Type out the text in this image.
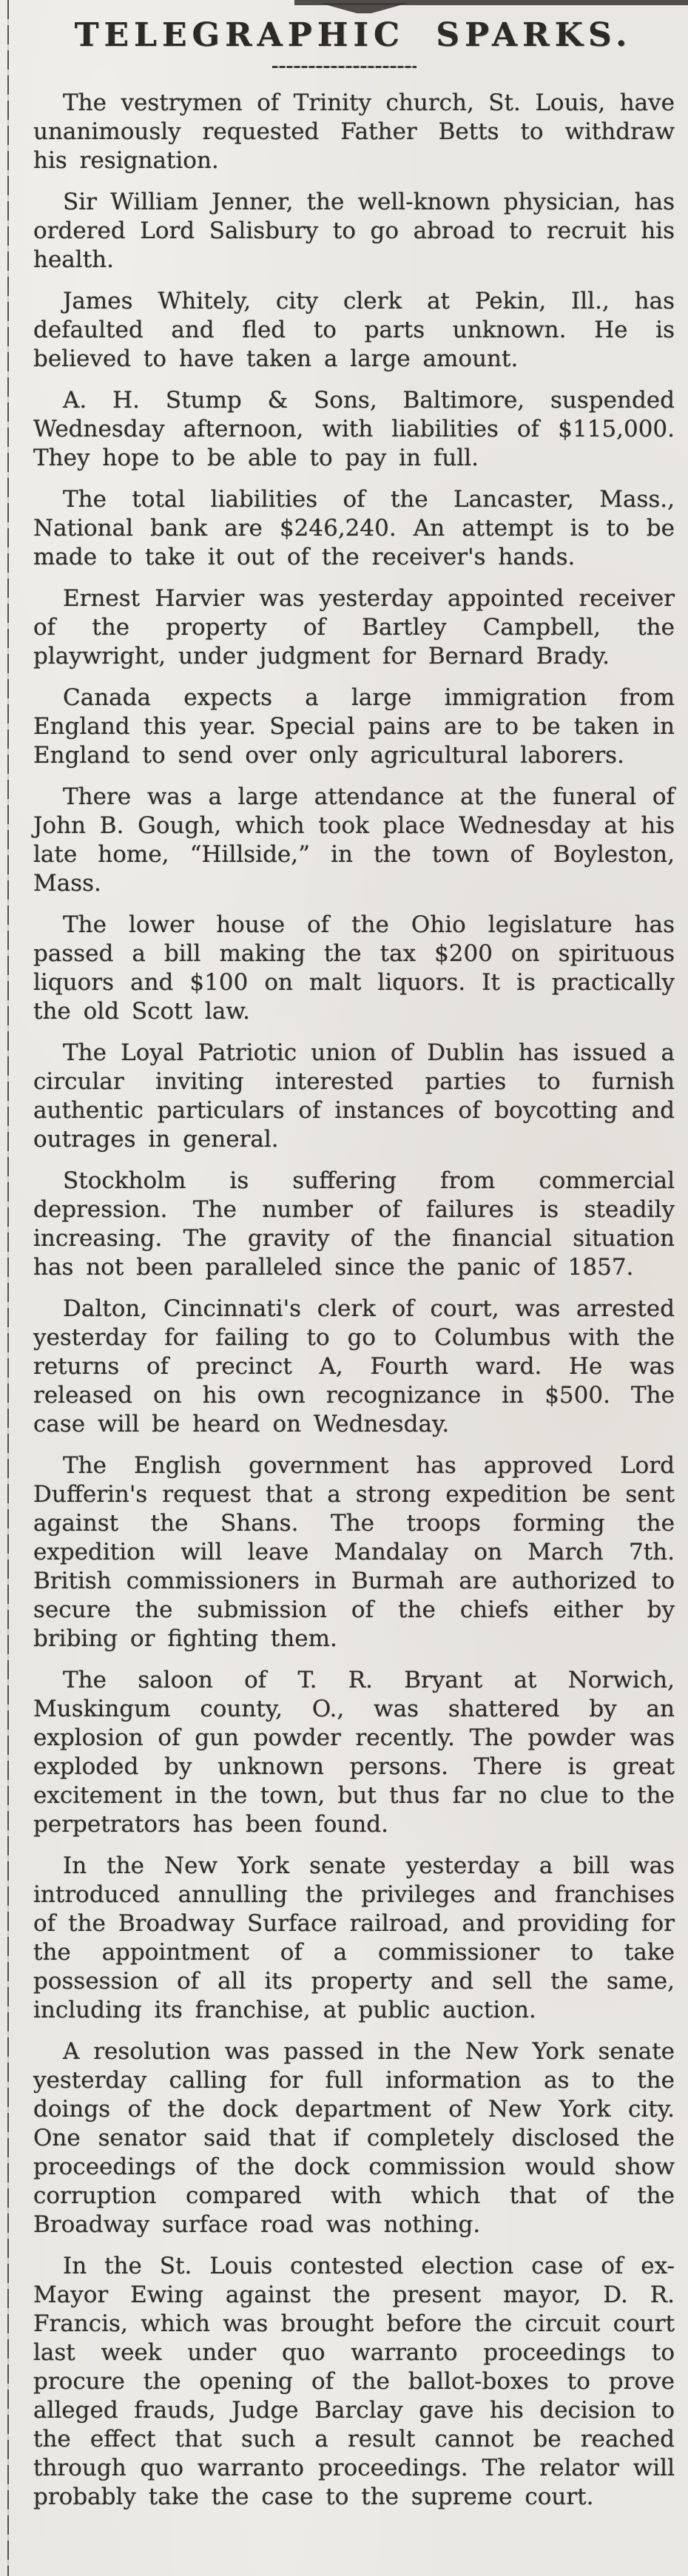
TELEGRAPHIC SPARKS.

The vestrymen of Trinity church, St. Louis, have unanimously requested Father Betts to withdraw his resignation.

Sir William Jenner, the well-known physician, has ordered Lord Salisbury to go abroad to recruit his health.

James Whitely, city clerk at Pekin, Ill., has defaulted and fled to parts unknown. He is believed to have taken a large amount.

A. H. Stump & Sons, Baltimore, suspended Wednesday afternoon, with liabilities of $115,000. They hope to be able to pay in full.

The total liabilities of the Lancaster, Mass., National bank are $246,240. An attempt is to be made to take it out of the receiver's hands.

Ernest Harvier was yesterday appointed receiver of the property of Bartley Campbell, the playwright, under judgment for Bernard Brady.

Canada expects a large immigration from England this year. Special pains are to be taken in England to send over only agricultural laborers.

There was a large attendance at the funeral of John B. Gough, which took place Wednesday at his late home, “Hillside,” in the town of Boyleston, Mass.

The lower house of the Ohio legislature has passed a bill making the tax $200 on spirituous liquors and $100 on malt liquors. It is practically the old Scott law.

The Loyal Patriotic union of Dublin has issued a circular inviting interested parties to furnish authentic particulars of instances of boycotting and outrages in general.

Stockholm is suffering from commercial depression. The number of failures is steadily increasing. The gravity of the financial situation has not been paralleled since the panic of 1857.

Dalton, Cincinnati's clerk of court, was arrested yesterday for failing to go to Columbus with the returns of precinct A, Fourth ward. He was released on his own recognizance in $500. The case will be heard on Wednesday.

The English government has approved Lord Dufferin's request that a strong expedition be sent against the Shans. The troops forming the expedition will leave Mandalay on March 7th. British commissioners in Burmah are authorized to secure the submission of the chiefs either by bribing or fighting them.

The saloon of T. R. Bryant at Norwich, Muskingum county, O., was shattered by an explosion of gun powder recently. The powder was exploded by unknown persons. There is great excitement in the town, but thus far no clue to the perpetrators has been found.

In the New York senate yesterday a bill was introduced annulling the privileges and franchises of the Broadway Surface railroad, and providing for the appointment of a commissioner to take possession of all its property and sell the same, including its franchise, at public auction.

A resolution was passed in the New York senate yesterday calling for full information as to the doings of the dock department of New York city. One senator said that if completely disclosed the proceedings of the dock commission would show corruption compared with which that of the Broadway surface road was nothing.

In the St. Louis contested election case of ex-Mayor Ewing against the present mayor, D. R. Francis, which was brought before the circuit court last week under quo warranto proceedings to procure the opening of the ballot-boxes to prove alleged frauds, Judge Barclay gave his decision to the effect that such a result cannot be reached through quo warranto proceedings. The relator will probably take the case to the supreme court.
